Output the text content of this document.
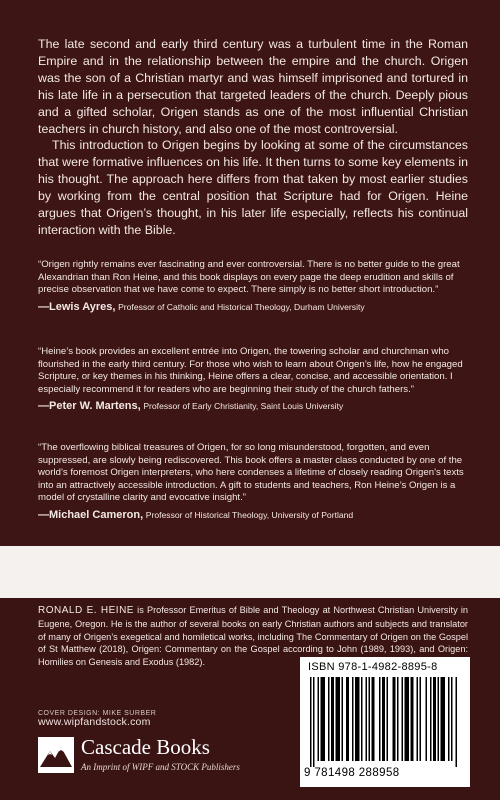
The late second and early third century was a turbulent time in the Roman Empire and in the relationship between the empire and the church. Origen was the son of a Christian martyr and was himself imprisoned and tortured in his late life in a persecution that targeted leaders of the church. Deeply pious and a gifted scholar, Origen stands as one of the most influential Christian teachers in church history, and also one of the most controversial.

This introduction to Origen begins by looking at some of the circumstances that were formative influences on his life. It then turns to some key elements in his thought. The approach here differs from that taken by most earlier studies by working from the central position that Scripture had for Origen. Heine argues that Origen’s thought, in his later life especially, reflects his continual interaction with the Bible.

“Origen rightly remains ever fascinating and ever controversial. There is no better guide to the great Alexandrian than Ron Heine, and this book displays on every page the deep erudition and skills of precise observation that we have come to expect. There simply is no better short introduction.”

—Lewis Ayres, Professor of Catholic and Historical Theology, Durham University

“Heine’s book provides an excellent entrée into Origen, the towering scholar and churchman who flourished in the early third century. For those who wish to learn about Origen’s life, how he engaged Scripture, or key themes in his thinking, Heine offers a clear, concise, and accessible orientation. I especially recommend it for readers who are beginning their study of the church fathers.”

—Peter W. Martens, Professor of Early Christianity, Saint Louis University

“The overflowing biblical treasures of Origen, for so long misunderstood, forgotten, and even suppressed, are slowly being rediscovered. This book offers a master class conducted by one of the world’s foremost Origen interpreters, who here condenses a lifetime of closely reading Origen’s texts into an attractively accessible introduction. A gift to students and teachers, Ron Heine’s Origen is a model of crystalline clarity and evocative insight.”

—Michael Cameron, Professor of Historical Theology, University of Portland

RONALD E. HEINE is Professor Emeritus of Bible and Theology at Northwest Christian University in Eugene, Oregon. He is the author of several books on early Christian authors and subjects and translator of many of Origen’s exegetical and homiletical works, including The Commentary of Origen on the Gospel of St Matthew (2018), Origen: Commentary on the Gospel according to John (1989, 1993), and Origen: Homilies on Genesis and Exodus (1982).
COVER DESIGN: MIKE SURBER
www.wipfandstock.com
Cascade Books
An Imprint of WIPF and STOCK Publishers
ISBN 978-1-4982-8895-8
9 781498 288958
